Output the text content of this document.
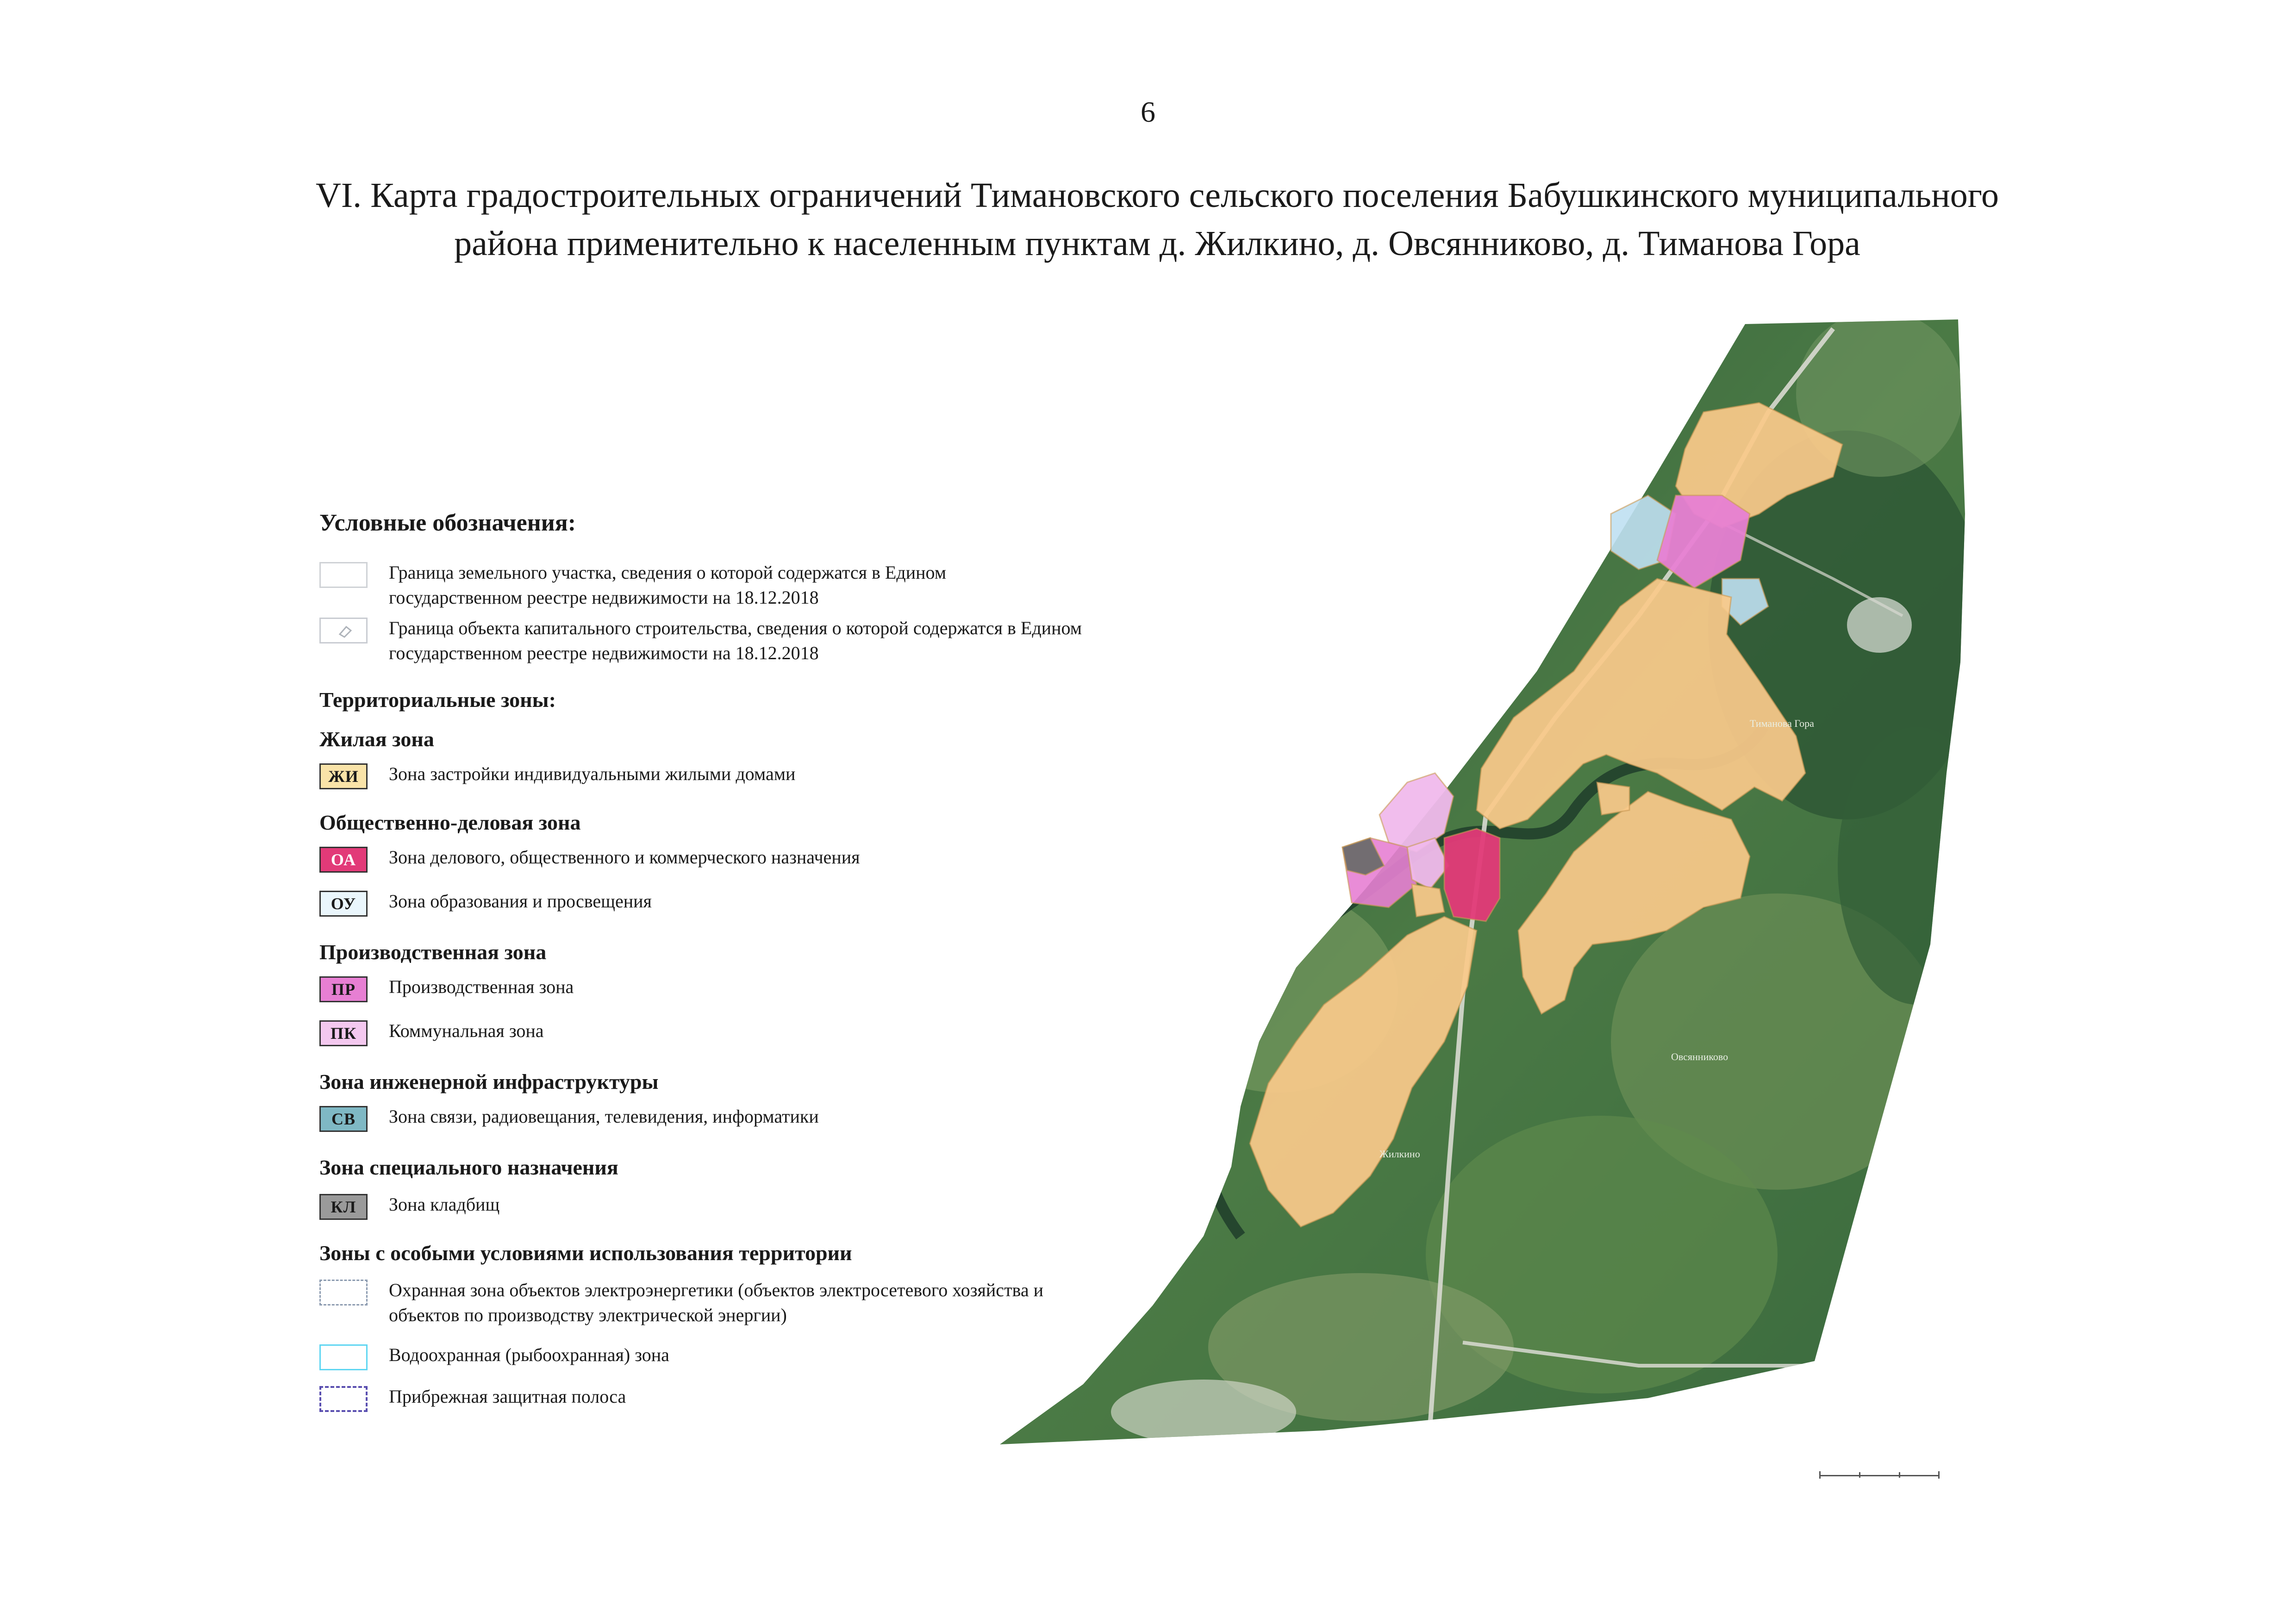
6
VI. Карта градостроительных ограничений Тимановского сельского поселения Бабушкинского муниципального
района применительно к населенным пунктам д. Жилкино, д. Овсянниково, д. Тиманова Гора
Условные обозначения:
Граница земельного участка, сведения о которой содержатся в Едином государственном реестре недвижимости на 18.12.2018
Граница объекта капитального строительства, сведения о которой содержатся в Едином государственном реестре недвижимости на 18.12.2018
Территориальные зоны:
Жилая зона
ЖИ	Зона застройки индивидуальными жилыми домами
Общественно-деловая зона
ОА	Зона делового, общественного и коммерческого назначения
ОУ	Зона образования и просвещения
Производственная зона
ПР	Производственная зона
ПК	Коммунальная зона
Зона инженерной инфраструктуры
СВ	Зона связи, радиовещания, телевидения, информатики
Зона специального назначения
КЛ	Зона кладбищ
Зоны с особыми условиями использования территории
Охранная зона объектов электроэнергетики (объектов электросетевого хозяйства и объектов по производству электрической энергии)
Водоохранная (рыбоохранная) зона
Прибрежная защитная полоса
Тиманова Гора
Овсянниково
Жилкино
